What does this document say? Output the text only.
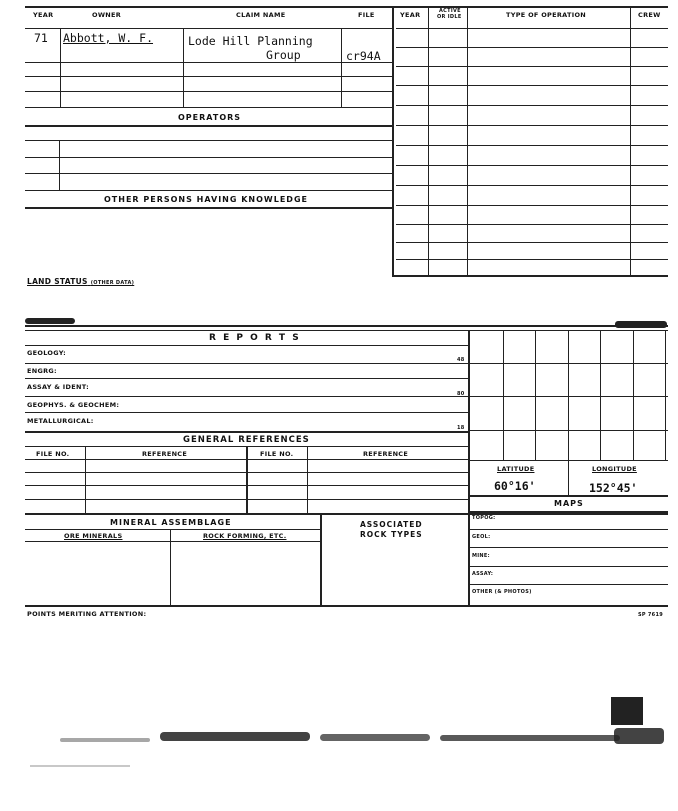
YEAR	OWNER	CLAIM NAME	FILE	YEAR	ACTIVE
OR IDLE	TYPE OF OPERATION	CREW
71 Abbott, W. F.	Lode Hill Planning
Group	cr94A
OPERATORS
OTHER PERSONS HAVING KNOWLEDGE
LAND STATUS (OTHER DATA)
R E P O R T S
GEOLOGY:
48
ENGRG:
ASSAY & IDENT:
80
GEOPHYS. & GEOCHEM:
METALLURGICAL:
18
GENERAL REFERENCES
FILE NO.	REFERENCE	FILE NO.	REFERENCE
LATITUDE	LONGITUDE
60°16'	152°45'
MAPS
TOPOG:
GEOL:
MINE:
ASSAY:
OTHER (& PHOTOS)
MINERAL ASSEMBLAGE
ORE MINERALS	ROCK FORMING, ETC.
ASSOCIATED
ROCK TYPES
POINTS MERITING ATTENTION:	SP 7619
